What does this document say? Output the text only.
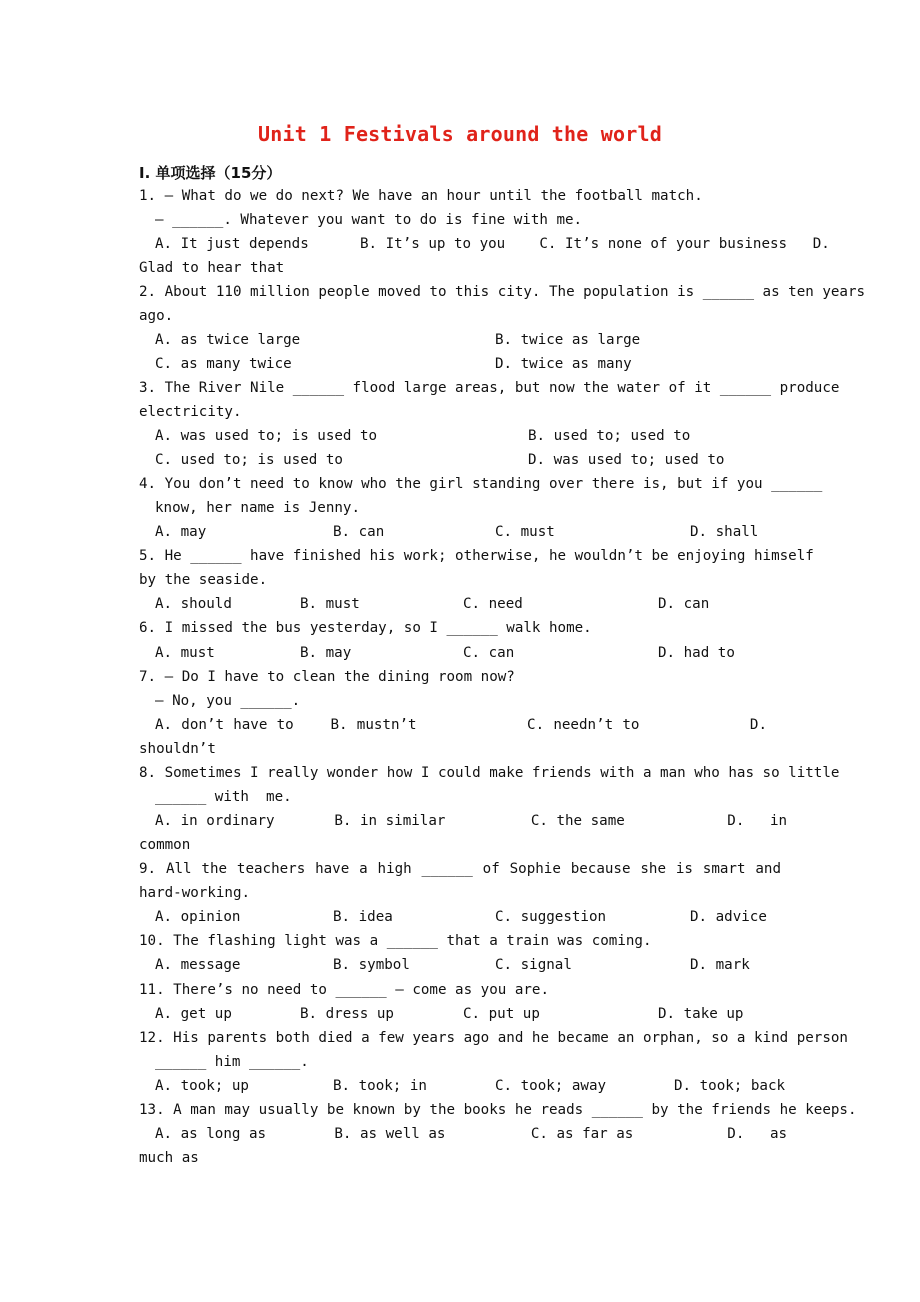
Unit 1 Festivals around the world
I. 单项选择（15分）
1. — What do we do next? We have an hour until the football match.
— ______. Whatever you want to do is fine with me.
A. It just depends      B. It’s up to you    C. It’s none of your business   D.
Glad to hear that
2. About 110 million people moved to this city. The population is ______ as ten years
ago.
A. as twice large	B. twice as large
C. as many twice	D. twice as many
3. The River Nile ______ flood large areas, but now the water of it ______ produce
electricity.
A. was used to; is used to	B. used to; used to
C. used to; is used to	D. was used to; used to
4. You don’t need to know who the girl standing over there is, but if you ______
know, her name is Jenny.
A. may	B. can	C. must	D. shall
5. He ______ have finished his work; otherwise, he wouldn’t be enjoying himself
by the seaside.
A. should	B. must	C. need	D. can
6. I missed the bus yesterday, so I ______ walk home.
A. must	B. may	C. can	D. had to
7. — Do I have to clean the dining room now?
— No, you ______.
A. don’t have to    B. mustn’t            C. needn’t to            D.
shouldn’t
8. Sometimes I really wonder how I could make friends with a man who has so little
______ with  me.
A. in ordinary       B. in similar          C. the same            D.   in
common
9. All the teachers have a high ______ of Sophie because she is smart and
hard-working.
A. opinion	B. idea	C. suggestion	D. advice
10. The flashing light was a ______ that a train was coming.
A. message	B. symbol	C. signal	D. mark
11. There’s no need to ______ — come as you are.
A. get up	B. dress up	C. put up	D. take up
12. His parents both died a few years ago and he became an orphan, so a kind person
______ him ______.
A. took; up	B. took; in	C. took; away	D. took; back
13. A man may usually be known by the books he reads ______ by the friends he keeps.
A. as long as        B. as well as          C. as far as           D.   as
much as
